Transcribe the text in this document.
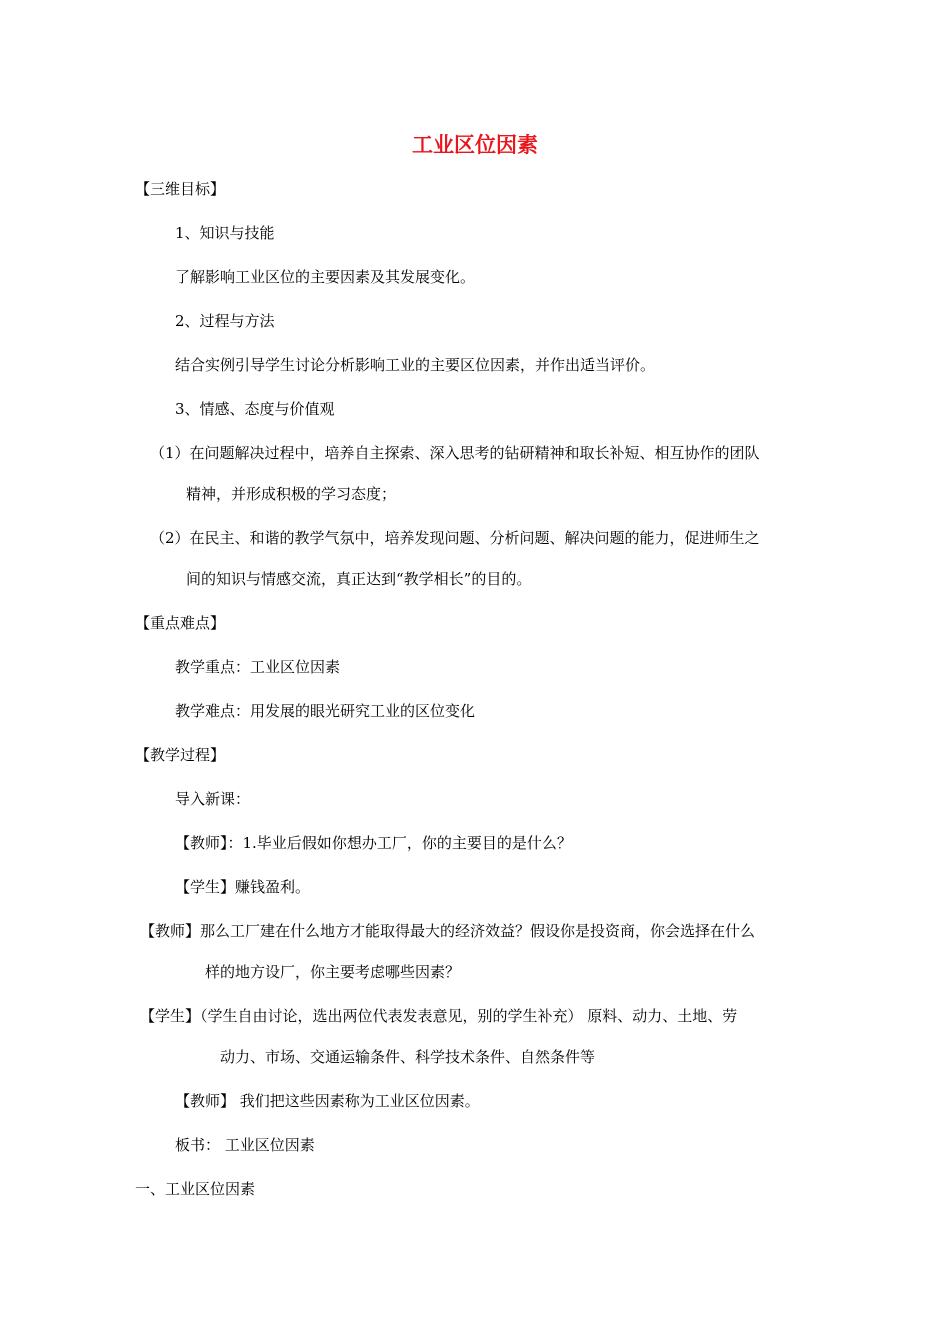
工业区位因素
【三维目标】
1、知识与技能
了解影响工业区位的主要因素及其发展变化。
2、过程与方法
结合实例引导学生讨论分析影响工业的主要区位因素，并作出适当评价。
3、情感、态度与价值观
（1）在问题解决过程中，培养自主探索、深入思考的钻研精神和取长补短、相互协作的团队
精神，并形成积极的学习态度；
（2）在民主、和谐的教学气氛中，培养发现问题、分析问题、解决问题的能力，促进师生之
间的知识与情感交流，真正达到“教学相长”的目的。
【重点难点】
教学重点：工业区位因素
教学难点：用发展的眼光研究工业的区位变化
【教学过程】
导入新课：
【教师】：1.毕业后假如你想办工厂，你的主要目的是什么？
【学生】赚钱盈利。
【教师】那么工厂建在什么地方才能取得最大的经济效益？假设你是投资商，你会选择在什么
样的地方设厂，你主要考虑哪些因素？
【学生】（学生自由讨论，选出两位代表发表意见，别的学生补充） 原料、动力、土地、劳
动力、市场、交通运输条件、科学技术条件、自然条件等
【教师】 我们把这些因素称为工业区位因素。
板书： 工业区位因素
一、工业区位因素
